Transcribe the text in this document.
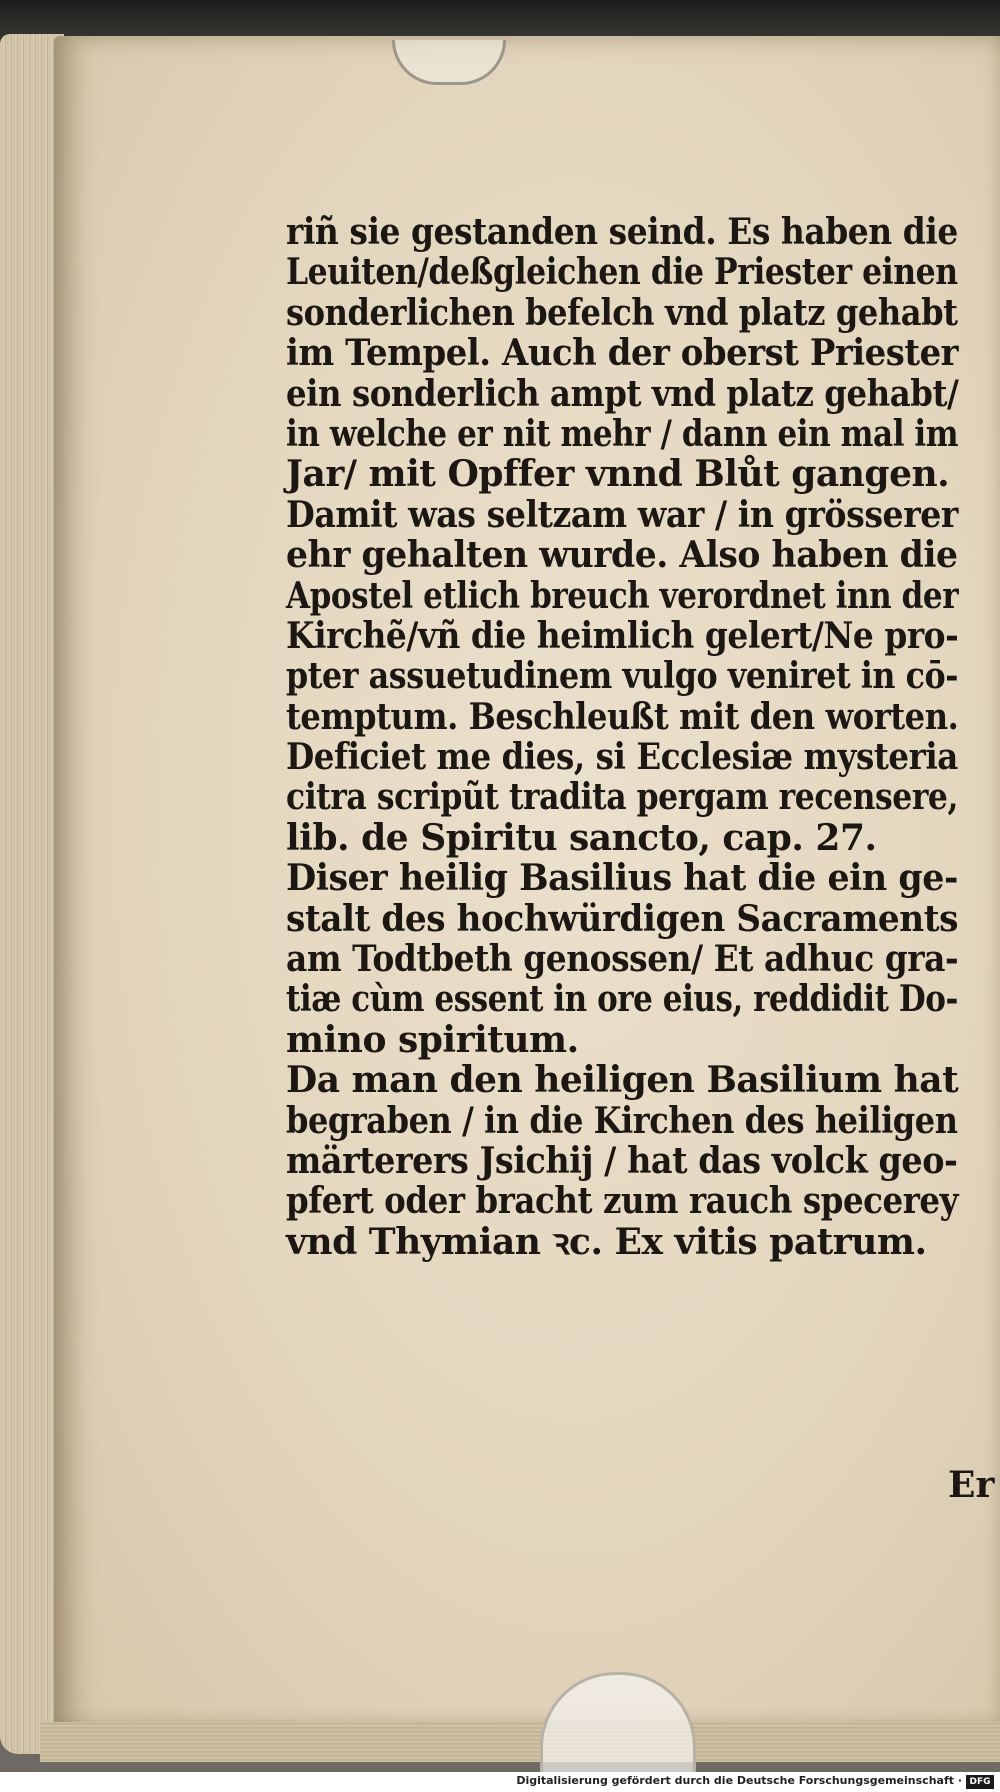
riñ sie gestanden seind. Es haben die
Leuiten/deßgleichen die Priester einen
sonderlichen befelch vnd platz gehabt
im Tempel. Auch der oberst Priester
ein sonderlich ampt vnd platz gehabt/
in welche er nit mehr / dann ein mal im
Jar/ mit Opffer vnnd Blůt gangen.
Damit was seltzam war / in grösserer
ehr gehalten wurde. Also haben die
Apostel etlich breuch verordnet inn der
Kirchẽ/vñ die heimlich gelert/Ne pro-
pter assuetudinem vulgo veniret in cō-
temptum. Beschleußt mit den worten.
Deficiet me dies, si Ecclesiæ mysteria
citra scripũt tradita pergam recensere,
lib. de Spiritu sancto, cap. 27.
Diser heilig Basilius hat die ein ge-
stalt des hochwürdigen Sacraments
am Todtbeth genossen/ Et adhuc gra-
tiæ cùm essent in ore eius, reddidit Do-
mino spiritum.
Da man den heiligen Basilium hat
begraben / in die Kirchen des heiligen
märterers Jsichij / hat das volck geo-
pfert oder bracht zum rauch specerey
vnd Thymian ꝛc. Ex vitis patrum.
Er
Digitalisierung gefördert durch die Deutsche Forschungsgemeinschaft · DFG
